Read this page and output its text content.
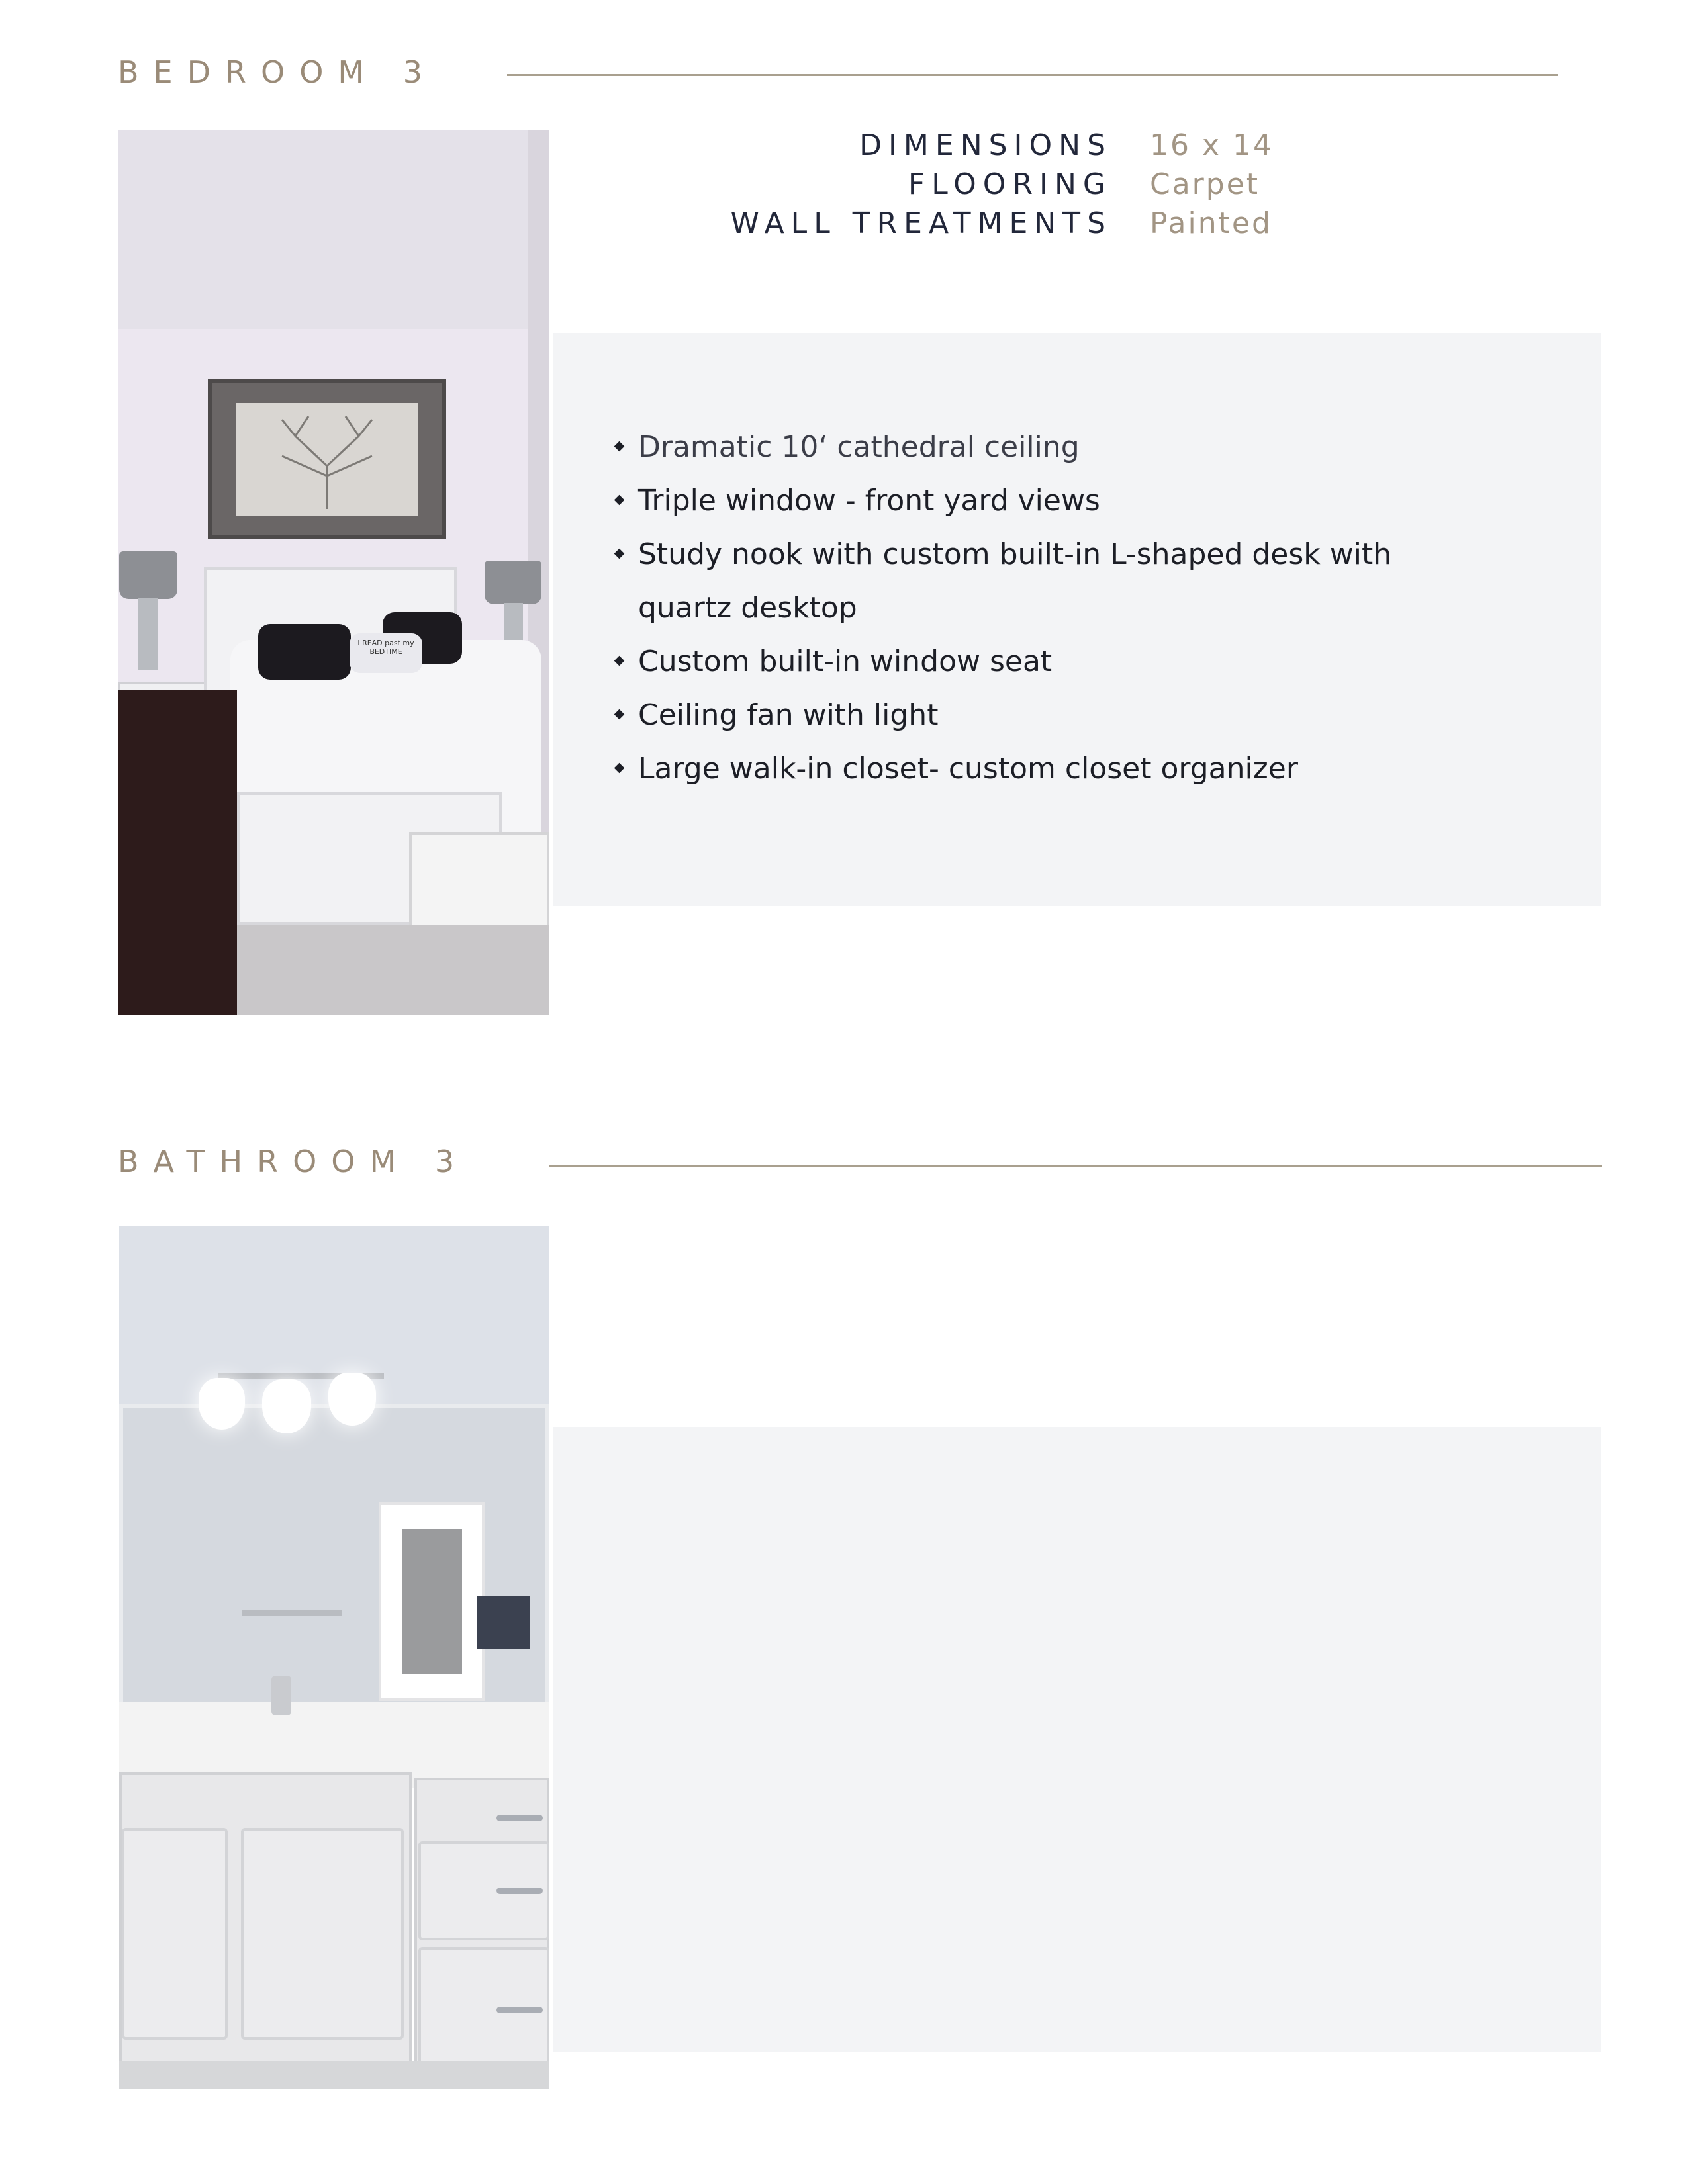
BEDROOM 3
I READ past my BEDTIME
DIMENSIONS
FLOORING
WALL TREATMENTS
16 x 14
Carpet
Painted
Dramatic 10‘ cathedral ceiling
Triple window - front yard views
Study nook with custom built-in L-shaped desk with quartz desktop
Custom built-in window seat
Ceiling fan with light
Large walk-in closet- custom closet organizer
BATHROOM 3
